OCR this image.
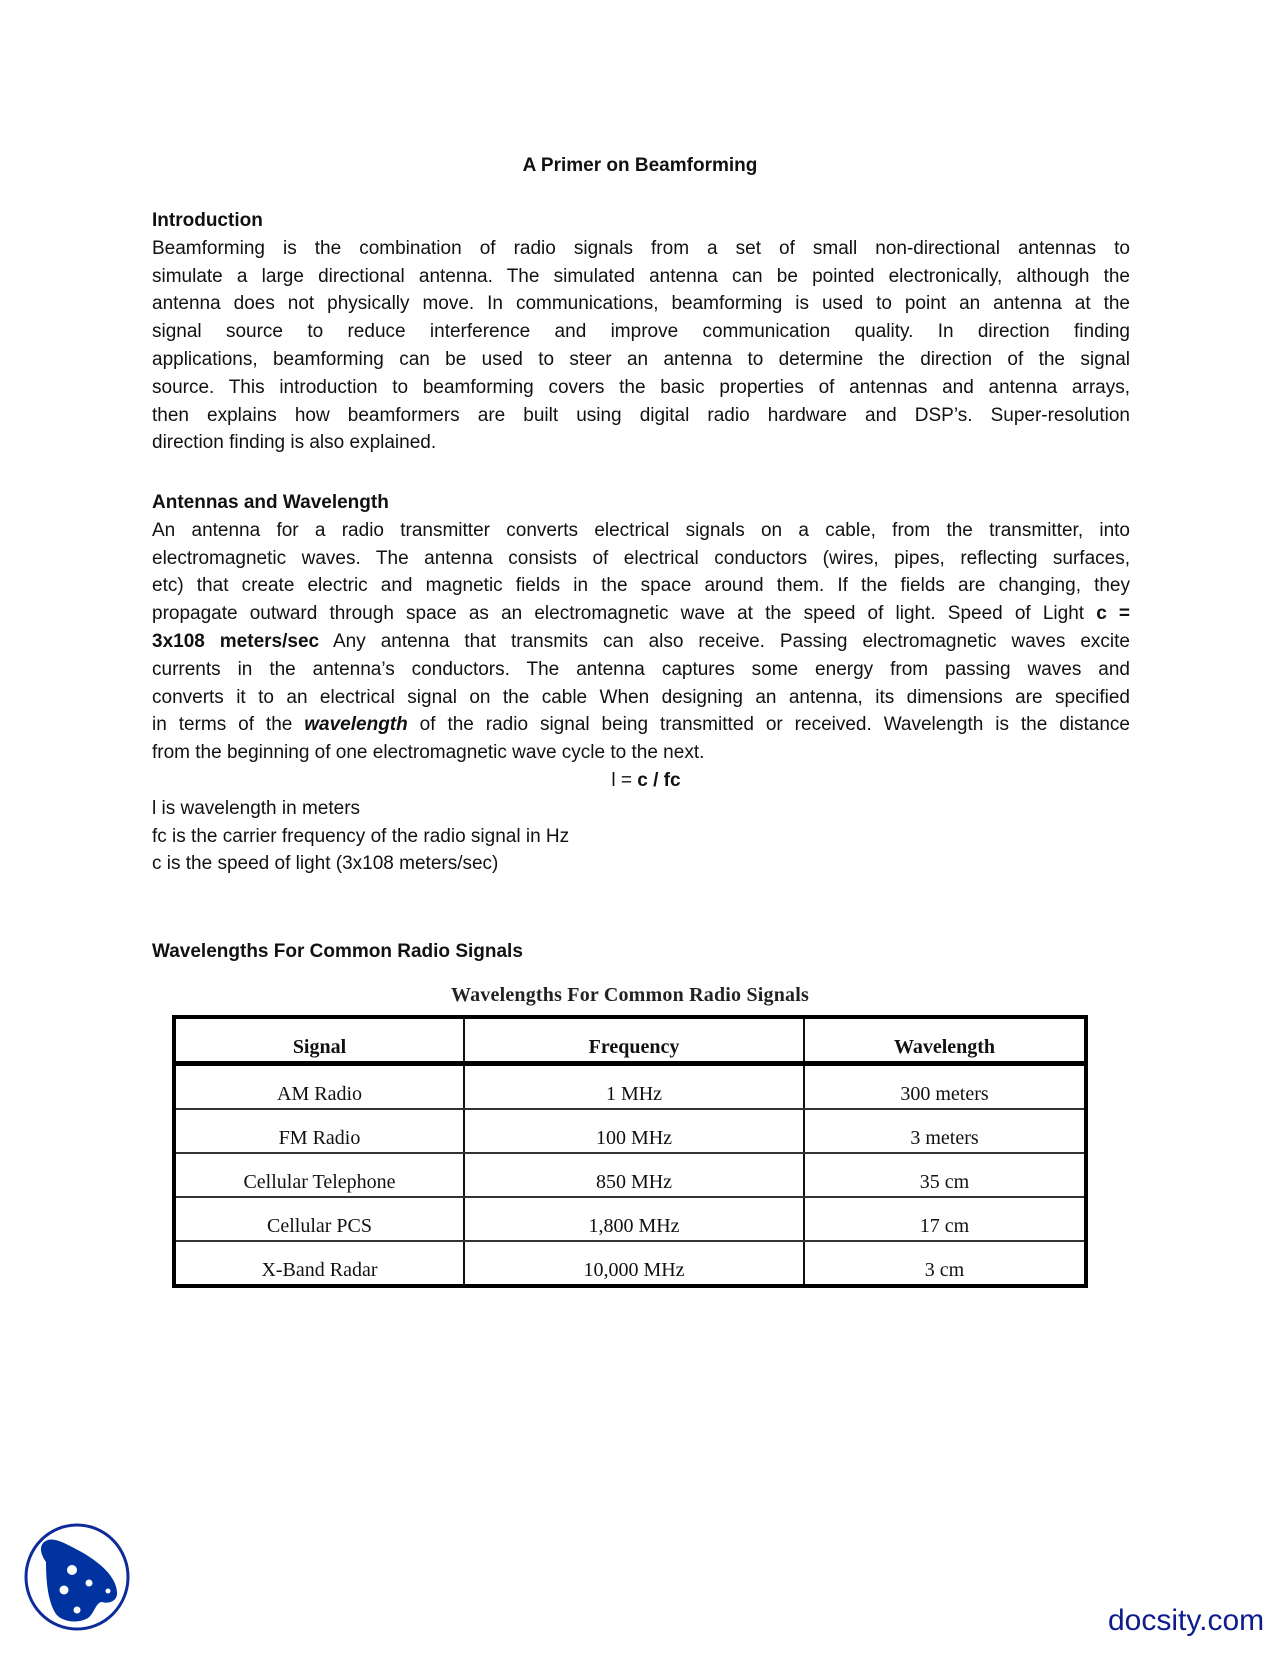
A Primer on Beamforming
Introduction
Beamforming is the combination of radio signals from a set of small non-directional antennas to
simulate a large directional antenna. The simulated antenna can be pointed electronically, although the
antenna does not physically move. In communications, beamforming is used to point an antenna at the
signal source to reduce interference and improve communication quality. In direction finding
applications, beamforming can be used to steer an antenna to determine the direction of the signal
source. This introduction to beamforming covers the basic properties of antennas and antenna arrays,
then explains how beamformers are built using digital radio hardware and DSP’s. Super-resolution
direction finding is also explained.
Antennas and Wavelength
An antenna for a radio transmitter converts electrical signals on a cable, from the transmitter, into
electromagnetic waves. The antenna consists of electrical conductors (wires, pipes, reflecting surfaces,
etc) that create electric and magnetic fields in the space around them. If the fields are changing, they
propagate outward through space as an electromagnetic wave at the speed of light. Speed of Light c =
3x108 meters/sec Any antenna that transmits can also receive. Passing electromagnetic waves excite
currents in the antenna’s conductors. The antenna captures some energy from passing waves and
converts it to an electrical signal on the cable When designing an antenna, its dimensions are specified
in terms of the wavelength of the radio signal being transmitted or received. Wavelength is the distance
from the beginning of one electromagnetic wave cycle to the next.
l = c / fc
l is wavelength in meters
fc is the carrier frequency of the radio signal in Hz
c is the speed of light (3x108 meters/sec)
Wavelengths For Common Radio Signals
Wavelengths For Common Radio Signals
Signal	Frequency	Wavelength
AM Radio	1 MHz	300 meters
FM Radio	100 MHz	3 meters
Cellular Telephone	850 MHz	35 cm
Cellular PCS	1,800 MHz	17 cm
X-Band Radar	10,000 MHz	3 cm
docsity.com
